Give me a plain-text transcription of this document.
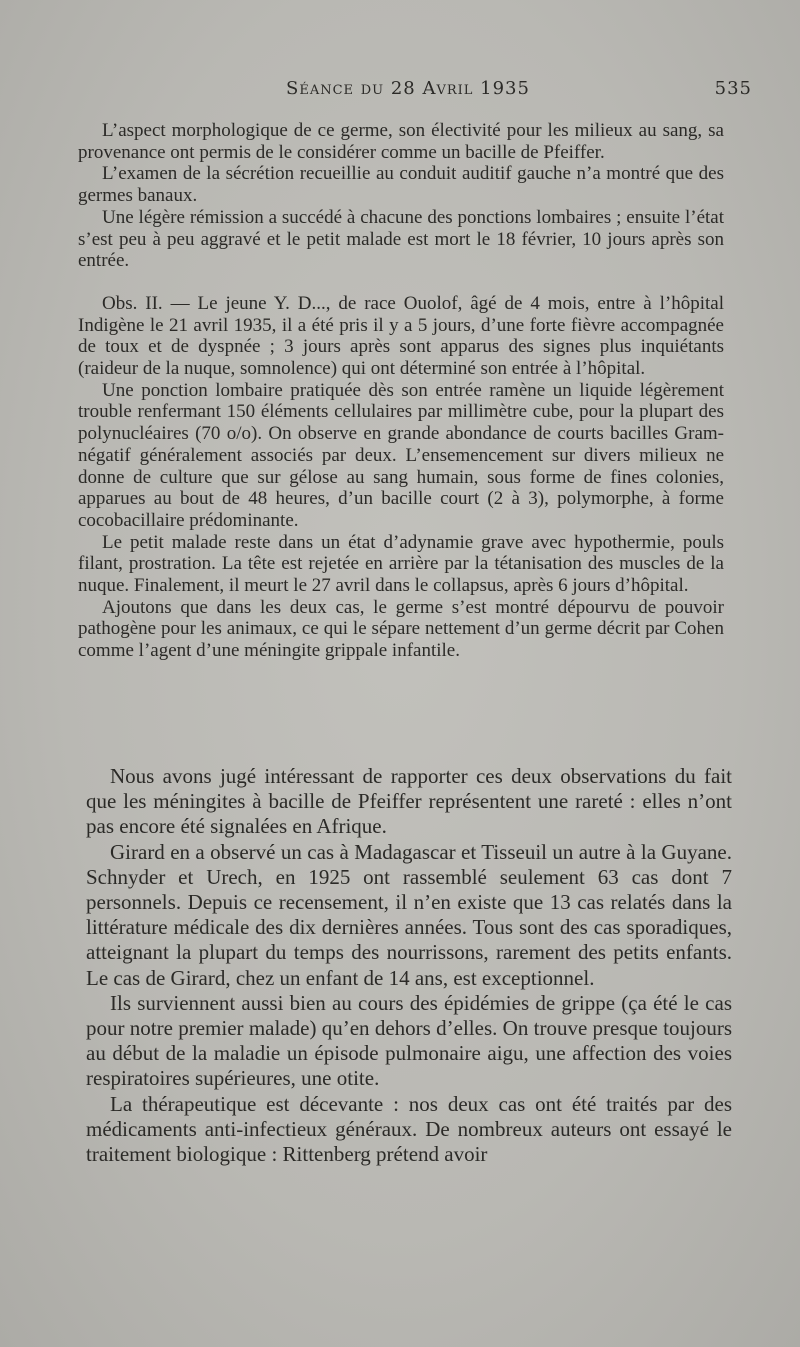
Séance du 28 Avril 1935	535

L’aspect morphologique de ce germe, son électivité pour les milieux au sang, sa provenance ont permis de le considérer comme un bacille de Pfeiffer.

L’examen de la sécrétion recueillie au conduit auditif gauche n’a montré que des germes banaux.

Une légère rémission a succédé à chacune des ponctions lombaires ; ensuite l’état s’est peu à peu aggravé et le petit malade est mort le 18 février, 10 jours après son entrée.

Obs. II. — Le jeune Y. D..., de race Ouolof, âgé de 4 mois, entre à l’hôpital Indigène le 21 avril 1935, il a été pris il y a 5 jours, d’une forte fièvre accompagnée de toux et de dyspnée ; 3 jours après sont apparus des signes plus inquiétants (raideur de la nuque, somnolence) qui ont déterminé son entrée à l’hôpital.

Une ponction lombaire pratiquée dès son entrée ramène un liquide légèrement trouble renfermant 150 éléments cellulaires par millimètre cube, pour la plupart des polynucléaires (70 o/o). On observe en grande abondance de courts bacilles Gram-négatif généralement associés par deux. L’ensemencement sur divers milieux ne donne de culture que sur gélose au sang humain, sous forme de fines colonies, apparues au bout de 48 heures, d’un bacille court (2 à 3), polymorphe, à forme cocobacillaire prédominante.

Le petit malade reste dans un état d’adynamie grave avec hypothermie, pouls filant, prostration. La tête est rejetée en arrière par la tétanisation des muscles de la nuque. Finalement, il meurt le 27 avril dans le collapsus, après 6 jours d’hôpital.

Ajoutons que dans les deux cas, le germe s’est montré dépourvu de pouvoir pathogène pour les animaux, ce qui le sépare nettement d’un germe décrit par Cohen comme l’agent d’une méningite grippale infantile.

Nous avons jugé intéressant de rapporter ces deux observations du fait que les méningites à bacille de Pfeiffer représentent une rareté : elles n’ont pas encore été signalées en Afrique.

Girard en a observé un cas à Madagascar et Tisseuil un autre à la Guyane. Schnyder et Urech, en 1925 ont rassemblé seulement 63 cas dont 7 personnels. Depuis ce recensement, il n’en existe que 13 cas relatés dans la littérature médicale des dix dernières années. Tous sont des cas sporadiques, atteignant la plupart du temps des nourrissons, rarement des petits enfants. Le cas de Girard, chez un enfant de 14 ans, est exceptionnel.

Ils surviennent aussi bien au cours des épidémies de grippe (ça été le cas pour notre premier malade) qu’en dehors d’elles. On trouve presque toujours au début de la maladie un épisode pulmonaire aigu, une affection des voies respiratoires supérieures, une otite.

La thérapeutique est décevante : nos deux cas ont été traités par des médicaments anti-infectieux généraux. De nombreux auteurs ont essayé le traitement biologique : Rittenberg prétend avoir
